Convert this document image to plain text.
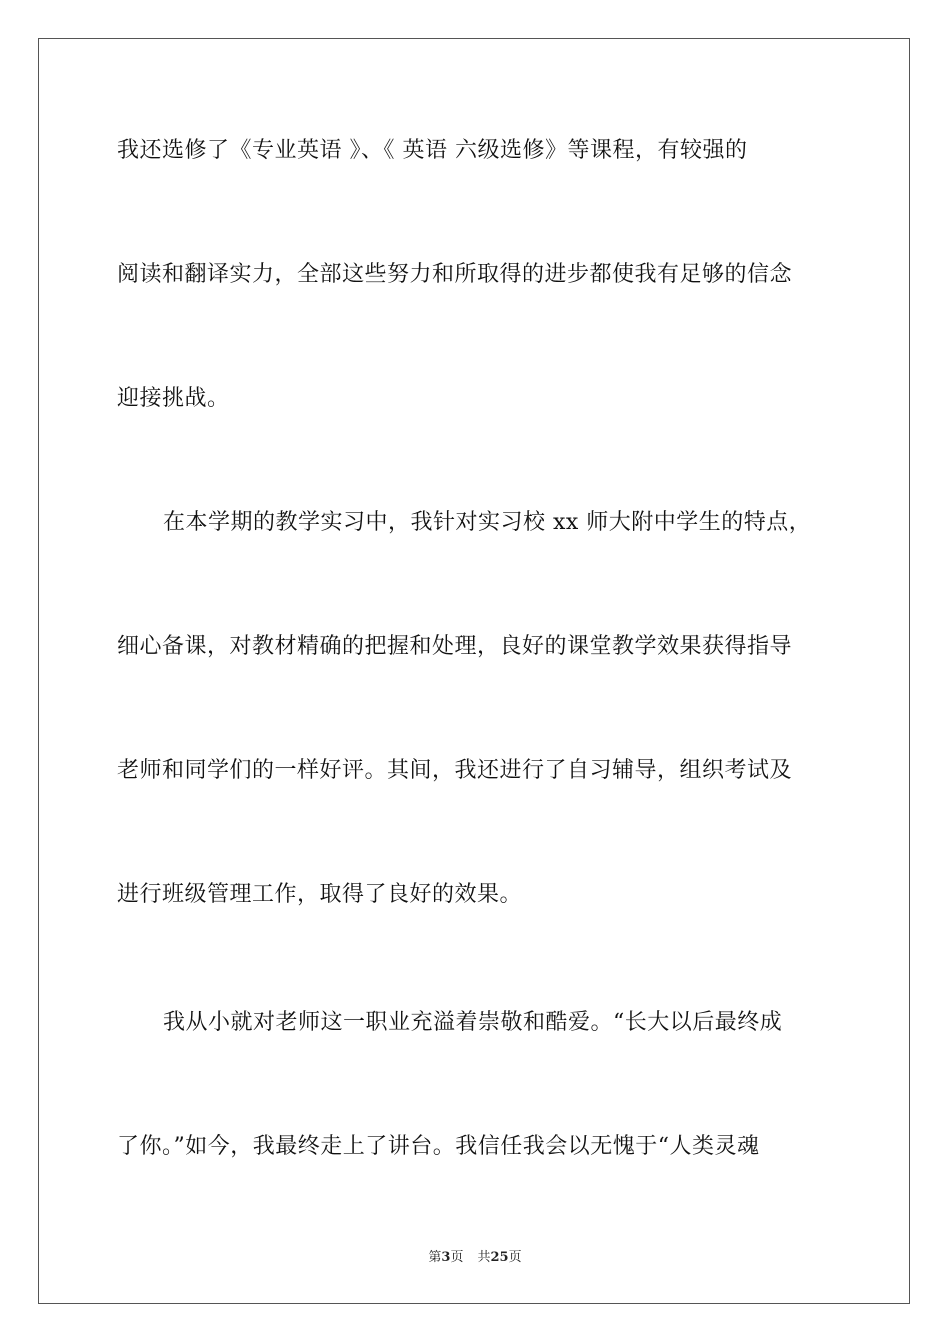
我还选修了《专业英语 》、《 英语 六级选修》等课程，有较强的
阅读和翻译实力，全部这些努力和所取得的进步都使我有足够的信念
迎接挑战。
在本学期的教学实习中，我针对实习校 xx 师大附中学生的特点，
细心备课，对教材精确的把握和处理，良好的课堂教学效果获得指导
老师和同学们的一样好评。其间，我还进行了自习辅导，组织考试及
进行班级管理工作，取得了良好的效果。
我从小就对老师这一职业充溢着崇敬和酷爱。“长大以后最终成
了你。”如今，我最终走上了讲台。我信任我会以无愧于“人类灵魂
第3页 共25页
